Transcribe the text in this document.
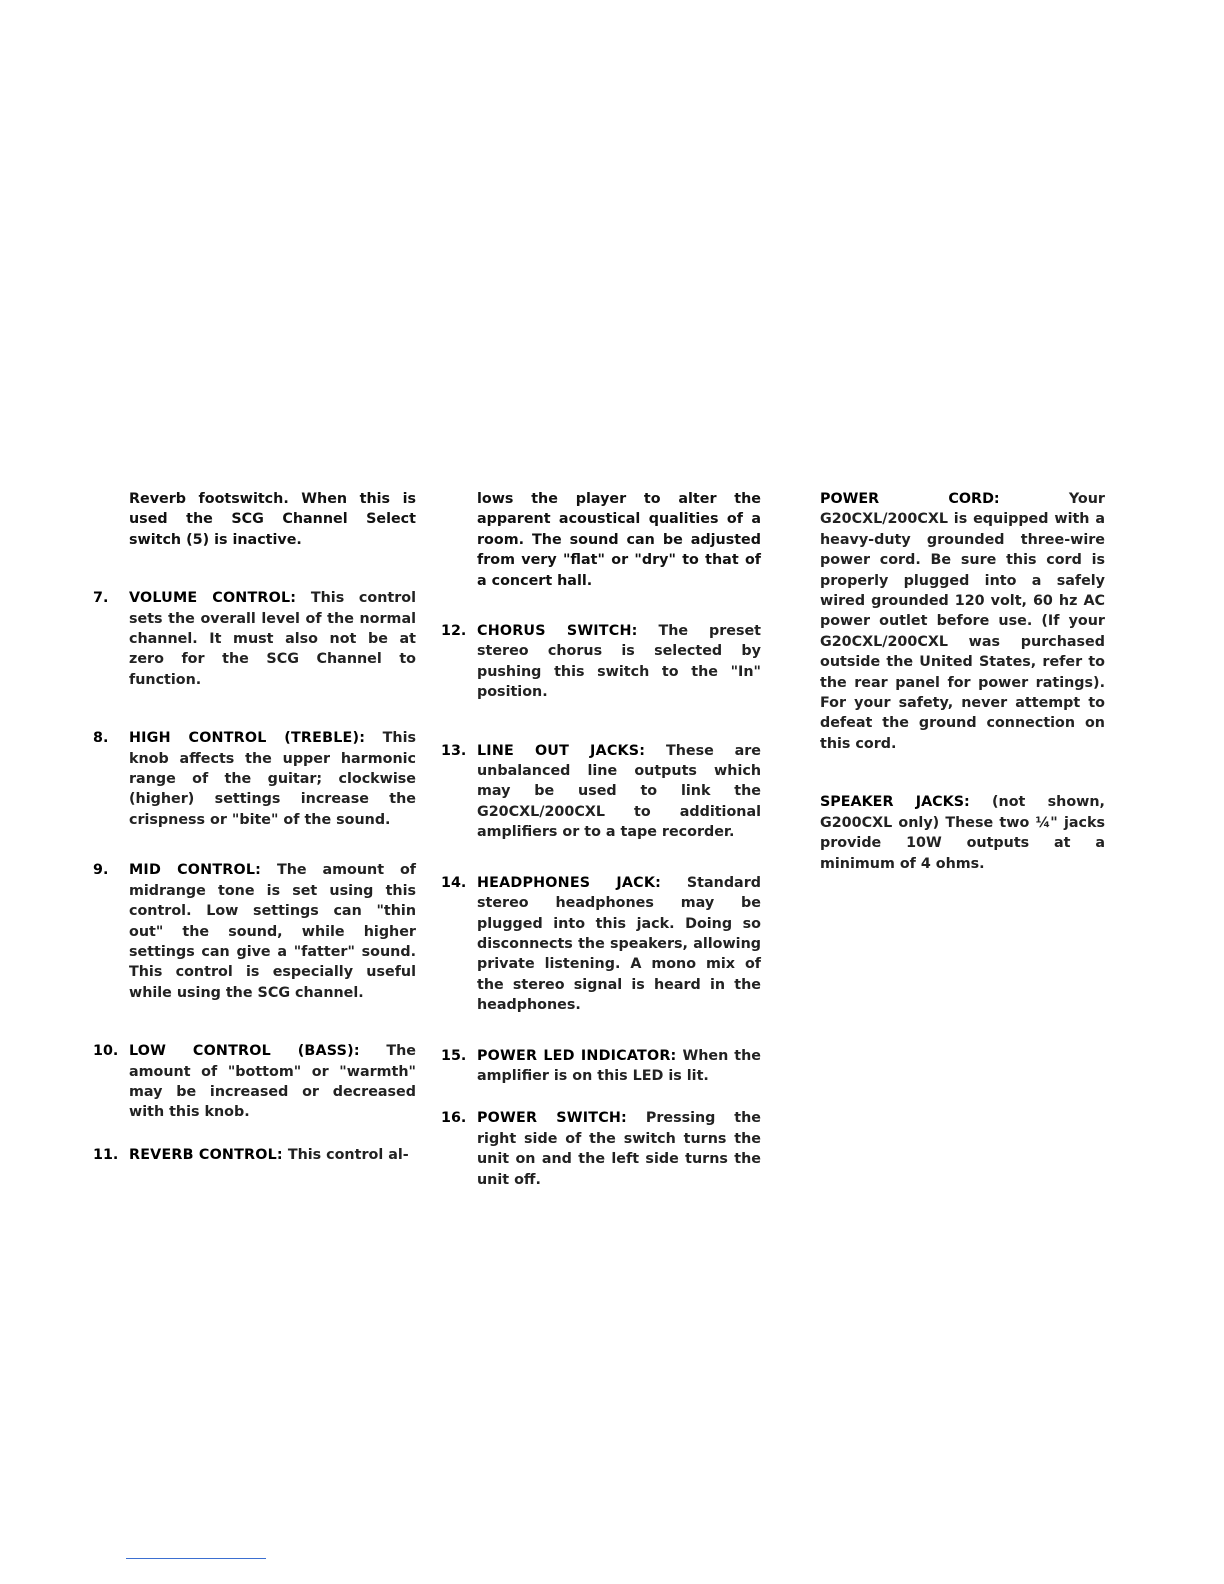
Reverb footswitch. When this is used the SCG Channel Select switch (5) is inactive.

7.	VOLUME CONTROL: This control sets the overall level of the normal channel. It must also not be at zero for the SCG Channel to function.

8.	HIGH CONTROL (TREBLE): This knob affects the upper harmonic range of the guitar; clockwise (higher) settings increase the crispness or "bite" of the sound.

9.	MID CONTROL: The amount of midrange tone is set using this control. Low settings can "thin out" the sound, while higher settings can give a "fatter" sound. This control is especially useful while using the SCG channel.

10. LOW CONTROL (BASS): The amount of "bottom" or "warmth" may be increased or decreased with this knob.

11. REVERB CONTROL: This control al-

lows the player to alter the apparent acoustical qualities of a room. The sound can be adjusted from very "flat" or "dry" to that of a concert hall.

12. CHORUS SWITCH: The preset stereo chorus is selected by pushing this switch to the "In" position.

13. LINE OUT JACKS: These are unbalanced line outputs which may be used to link the G20CXL/200CXL to additional amplifiers or to a tape recorder.

14. HEADPHONES JACK: Standard stereo headphones may be plugged into this jack. Doing so disconnects the speakers, allowing private listening. A mono mix of the stereo signal is heard in the headphones.

15. POWER LED INDICATOR: When the amplifier is on this LED is lit.

16. POWER SWITCH: Pressing the right side of the switch turns the unit on and the left side turns the unit off.

POWER CORD: Your G20CXL/200CXL is equipped with a heavy-duty grounded three-wire power cord. Be sure this cord is properly plugged into a safely wired grounded 120 volt, 60 hz AC power outlet before use. (If your G20CXL/200CXL was purchased outside the United States, refer to the rear panel for power ratings). For your safety, never attempt to defeat the ground connection on this cord.

SPEAKER JACKS: (not shown, G200CXL only) These two ¼" jacks provide 10W outputs at a minimum of 4 ohms.
